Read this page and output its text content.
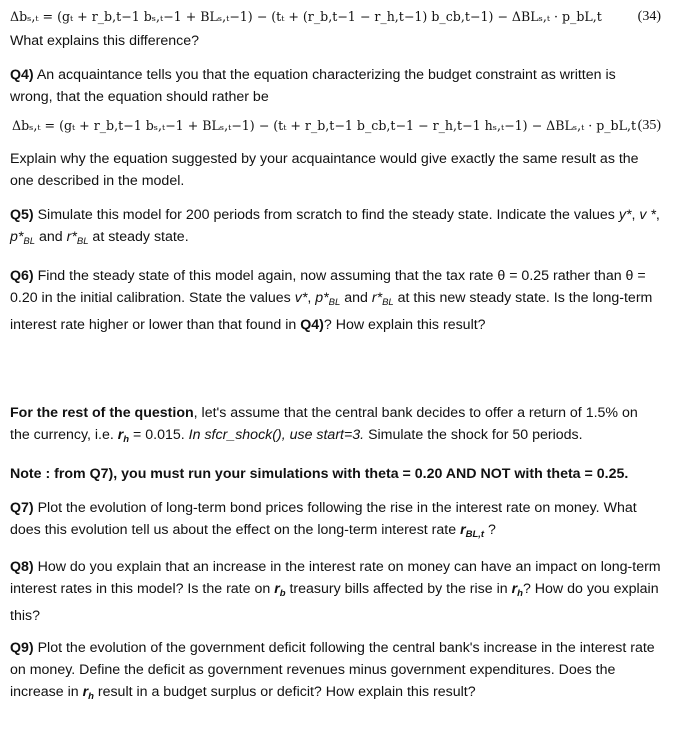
Δbₛ,ₜ = (gₜ + r_b,t−1 bₛ,ₜ−1 + BLₛ,ₜ−1) − (tₜ + (r_b,t−1 − r_h,t−1) b_cb,t−1) − ΔBLₛ,ₜ · p_bL,t	(34)

What explains this difference?

Q4) An acquaintance tells you that the equation characterizing the budget constraint as written is wrong, that the equation should rather be

Δbₛ,ₜ = (gₜ + r_b,t−1 bₛ,ₜ−1 + BLₛ,ₜ−1) − (tₜ + r_b,t−1 b_cb,t−1 − r_h,t−1 hₛ,ₜ−1) − ΔBLₛ,ₜ · p_bL,t (35)

Explain why the equation suggested by your acquaintance would give exactly the same result as the one described in the model.

Q5) Simulate this model for 200 periods from scratch to find the steady state. Indicate the values y*, v *, $p*_{BL}$ and $r*_{BL}$ at steady state.

Q6) Find the steady state of this model again, now assuming that the tax rate θ = 0.25 rather than θ = 0.20 in the initial calibration. State the values v*, $p*_{BL}$ and $r*_{BL}$ at this new steady state. Is the long-term interest rate higher or lower than that found in Q4)? How explain this result?

For the rest of the question, let's assume that the central bank decides to offer a return of 1.5% on the currency, i.e. $r_h = 0.015$. In sfcr_shock(), use start=3. Simulate the shock for 50 periods.

Note : from Q7), you must run your simulations with theta = 0.20 AND NOT with theta = 0.25.

Q7) Plot the evolution of long-term bond prices following the rise in the interest rate on money. What does this evolution tell us about the effect on the long-term interest rate $r_{BL,t}$ ?

Q8) How do you explain that an increase in the interest rate on money can have an impact on long-term interest rates in this model? Is the rate on $r_b$ treasury bills affected by the rise in $r_h$? How do you explain this?

Q9) Plot the evolution of the government deficit following the central bank's increase in the interest rate on money. Define the deficit as government revenues minus government expenditures. Does the increase in $r_h$ result in a budget surplus or deficit? How explain this result?
